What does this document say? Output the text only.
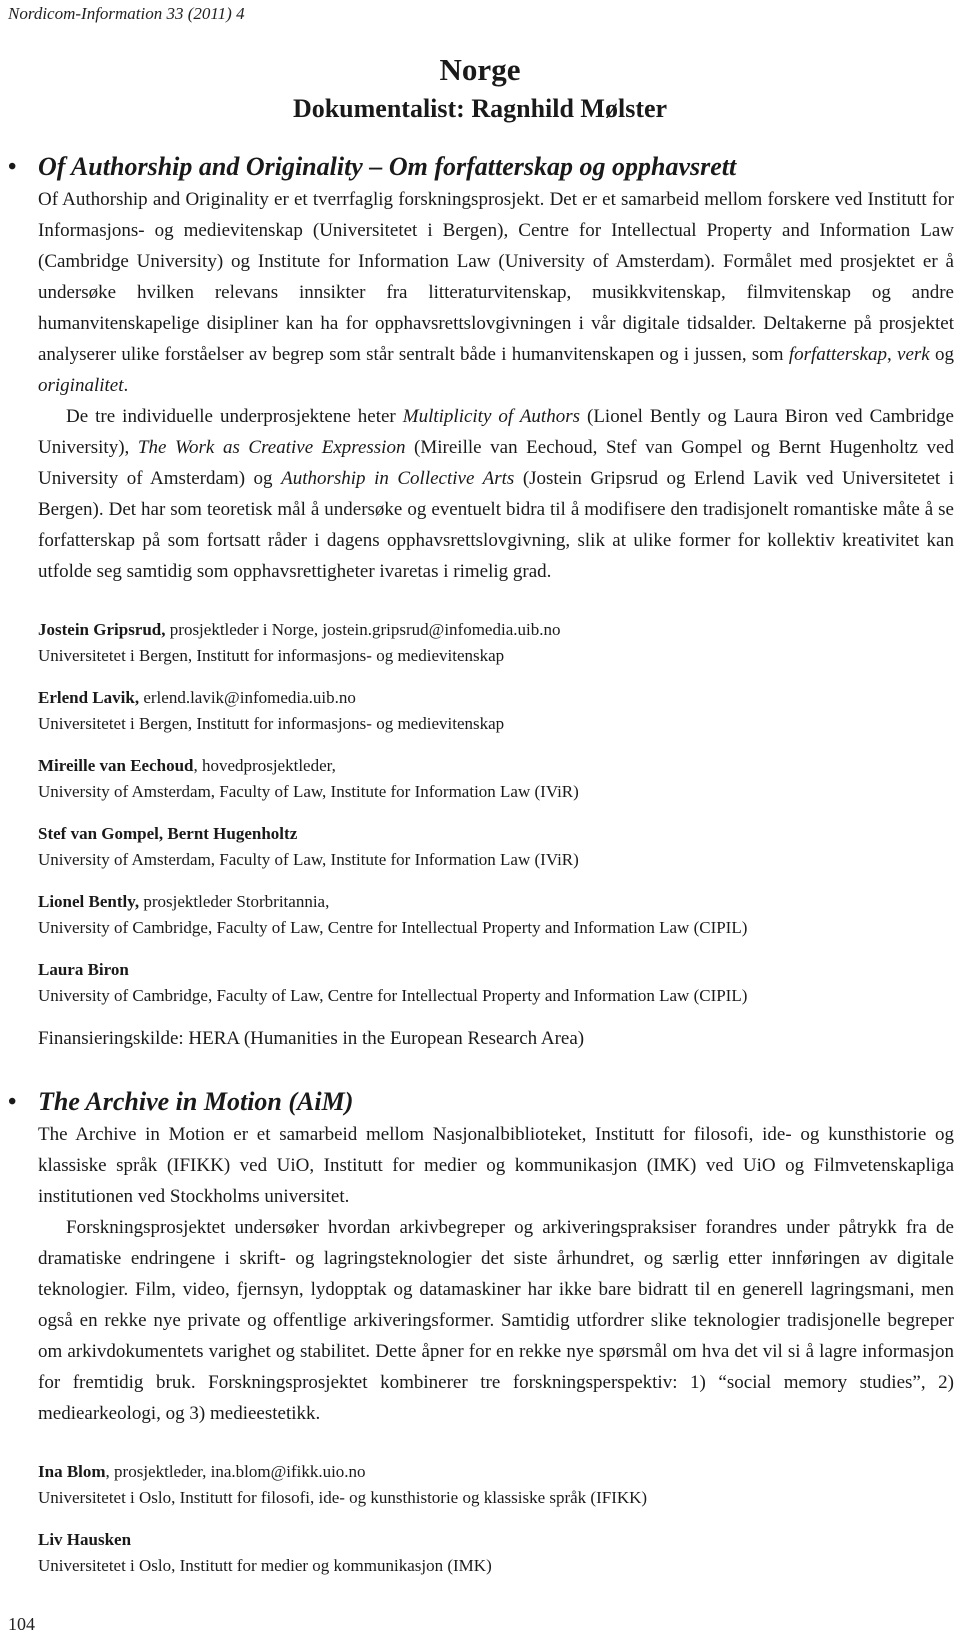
Nordicom-Information 33 (2011) 4
Norge
Dokumentalist: Ragnhild Mølster
• Of Authorship and Originality – Om forfatterskap og opphavsrett

Of Authorship and Originality er et tverrfaglig forskningsprosjekt. Det er et samarbeid mellom forskere ved Institutt for Informasjons- og medievitenskap (Universitetet i Bergen), Centre for Intellectual Property and Information Law (Cambridge University) og Institute for Information Law (University of Amsterdam). Formålet med prosjektet er å undersøke hvilken relevans innsikter fra litteraturvitenskap, musikkvitenskap, filmvitenskap og andre humanvitenskapelige disipliner kan ha for opphavsrettslovgivningen i vår digitale tidsalder. Deltakerne på prosjektet analyserer ulike forståelser av begrep som står sentralt både i humanvitenskapen og i jussen, som forfatterskap, verk og originalitet.

De tre individuelle underprosjektene heter Multiplicity of Authors (Lionel Bently og Laura Biron ved Cambridge University), The Work as Creative Expression (Mireille van Eechoud, Stef van Gompel og Bernt Hugenholtz ved University of Amsterdam) og Authorship in Collective Arts (Jostein Gripsrud og Erlend Lavik ved Universitetet i Bergen). Det har som teoretisk mål å undersøke og eventuelt bidra til å modifisere den tradisjonelt romantiske måte å se forfatterskap på som fortsatt råder i dagens opphavsrettslovgivning, slik at ulike former for kollektiv kreativitet kan utfolde seg samtidig som opphavsrettigheter ivaretas i rimelig grad.

Jostein Gripsrud, prosjektleder i Norge, jostein.gripsrud@infomedia.uib.no
Universitetet i Bergen, Institutt for informasjons- og medievitenskap
Erlend Lavik, erlend.lavik@infomedia.uib.no
Universitetet i Bergen, Institutt for informasjons- og medievitenskap
Mireille van Eechoud, hovedprosjektleder,
University of Amsterdam, Faculty of Law, Institute for Information Law (IViR)
Stef van Gompel, Bernt Hugenholtz
University of Amsterdam, Faculty of Law, Institute for Information Law (IViR)
Lionel Bently, prosjektleder Storbritannia,
University of Cambridge, Faculty of Law, Centre for Intellectual Property and Information Law (CIPIL)
Laura Biron
University of Cambridge, Faculty of Law, Centre for Intellectual Property and Information Law (CIPIL)

Finansieringskilde: HERA (Humanities in the European Research Area)

• The Archive in Motion (AiM)

The Archive in Motion er et samarbeid mellom Nasjonalbiblioteket, Institutt for filosofi, ide- og kunsthistorie og klassiske språk (IFIKK) ved UiO, Institutt for medier og kommunikasjon (IMK) ved UiO og Filmvetenskapliga institutionen ved Stockholms universitet.

Forskningsprosjektet undersøker hvordan arkivbegreper og arkiveringspraksiser forandres under påtrykk fra de dramatiske endringene i skrift- og lagringsteknologier det siste århundret, og særlig etter innføringen av digitale teknologier. Film, video, fjernsyn, lydopptak og datamaskiner har ikke bare bidratt til en generell lagringsmani, men også en rekke nye private og offentlige arkiveringsformer. Samtidig utfordrer slike teknologier tradisjonelle begreper om arkivdokumentets varighet og stabilitet. Dette åpner for en rekke nye spørsmål om hva det vil si å lagre informasjon for fremtidig bruk. Forskningsprosjektet kombinerer tre forskningsperspektiv: 1) “social memory studies”, 2) mediearkeologi, og 3) medieestetikk.

Ina Blom, prosjektleder, ina.blom@ifikk.uio.no
Universitetet i Oslo, Institutt for filosofi, ide- og kunsthistorie og klassiske språk (IFIKK)
Liv Hausken
Universitetet i Oslo, Institutt for medier og kommunikasjon (IMK)
104
